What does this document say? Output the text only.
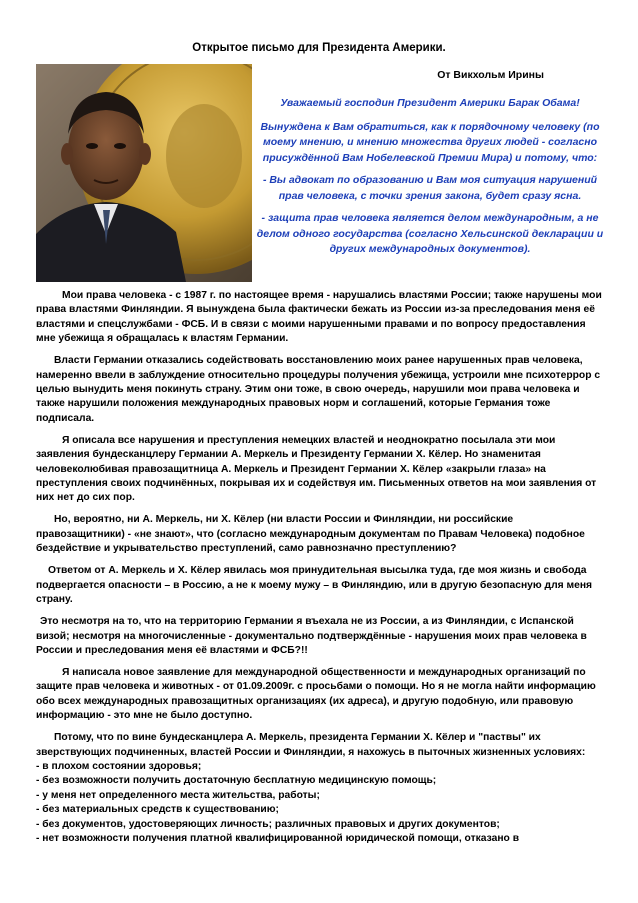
Открытое письмо для Президента Америки.
От Викхольм Ирины

Уважаемый господин Президент Америки Барак Обама!

Вынуждена к Вам обратиться, как к порядочному человеку (по моему мнению, и мнению множества других людей - согласно присуждённой Вам Нобелевской Премии Мира) и потому, что:

- Вы адвокат по образованию и Вам моя ситуация нарушений прав человека, с точки зрения закона, будет сразу ясна.

- защита прав человека является делом международным, а не делом одного государства (согласно Хельсинской декларации и других международных документов).

Мои права человека - с 1987 г. по настоящее время - нарушались властями России; также нарушены мои права властями Финляндии. Я вынуждена была фактически бежать из России из-за преследования меня её властями и спецслужбами - ФСБ. И в связи с моими нарушенными правами и по вопросу предоставления мне убежища я обращалась к властям Германии.

Власти Германии отказались содействовать восстановлению моих ранее нарушенных прав человека, намеренно ввели в заблуждение относительно процедуры получения убежища, устроили мне психотеррор с целью вынудить меня покинуть страну. Этим они тоже, в свою очередь, нарушили мои права человека и также нарушили положения международных правовых норм и соглашений, которые Германия тоже подписала.

Я описала все нарушения и преступления немецких властей и неоднократно посылала эти мои заявления бундесканцлеру Германии А. Меркель и Президенту Германии Х. Кёлер. Но знаменитая человеколюбивая правозащитница А. Меркель и Президент Германии Х. Кёлер «закрыли глаза» на преступления своих подчинённых, покрывая их и содействуя им. Письменных ответов на мои заявления от них нет до сих пор.

Но, вероятно, ни А. Меркель, ни Х. Кёлер (ни власти России и Финляндии, ни российские правозащитники) - «не знают», что (согласно международным документам по Правам Человека) подобное бездействие и укрывательство преступлений, само равнозначно преступлению?

Ответом от А. Меркель и Х. Кёлер явилась моя принудительная высылка туда, где моя жизнь и свобода подвергается опасности – в Россию, а не к моему мужу – в Финляндию, или в другую безопасную для меня страну.

Это несмотря на то, что на территорию Германии я въехала не из России, а из Финляндии, с Испанской визой; несмотря на многочисленные - документально подтверждённые - нарушения моих прав человека в России и преследования меня её властями и ФСБ?!!

Я написала новое заявление для международной общественности и международных организаций по защите прав человека и животных - от 01.09.2009г. с просьбами о помощи. Но я не могла найти информацию обо всех международных правозащитных организациях (их адреса), и другую подобную, или правовую информацию - это мне не было доступно.

Потому, что по вине бундесканцлера А. Меркель, президента Германии Х. Кёлер и "паствы" их зверствующих подчиненных, властей России и Финляндии, я нахожусь в пыточных жизненных условиях:

- в плохом состоянии здоровья;
- без возможности получить достаточную бесплатную медицинскую помощь;
- у меня нет определенного места жительства, работы;
- без материальных средств к существованию;
- без документов, удостоверяющих личность; различных правовых и других документов;
- нет возможности получения платной квалифицированной юридической помощи, отказано в
